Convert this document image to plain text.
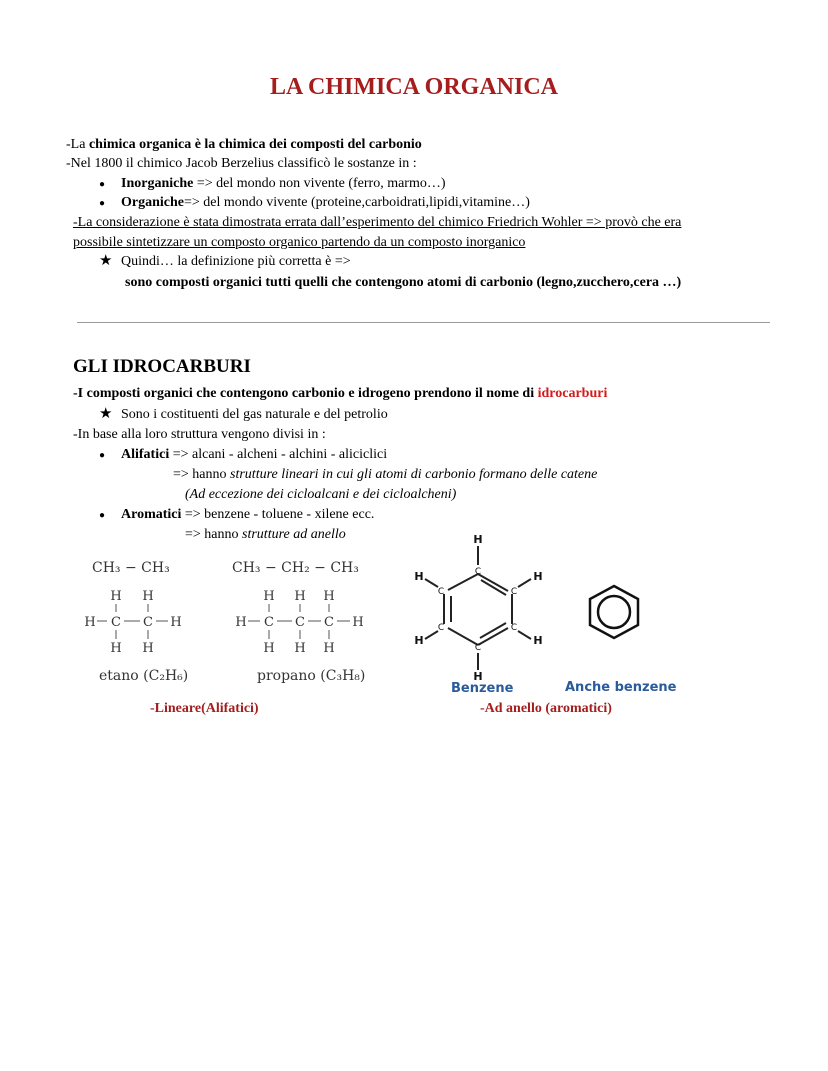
LA CHIMICA ORGANICA
-La chimica organica è la chimica dei composti del carbonio
-Nel 1800 il chimico Jacob Berzelius classificò le sostanze in :
● Inorganiche => del mondo non vivente (ferro, marmo…)
● Organiche=> del mondo vivente (proteine,carboidrati,lipidi,vitamine…)
-La considerazione è stata dimostrata errata dall’esperimento del chimico Friedrich Wohler => provò che era
possibile sintetizzare un composto organico partendo da un composto inorganico
★ Quindi… la definizione più corretta è =>
sono composti organici tutti quelli che contengono atomi di carbonio (legno,zucchero,cera …)
GLI IDROCARBURI
-I composti organici che contengono carbonio e idrogeno prendono il nome di idrocarburi
★ Sono i costituenti del gas naturale e del petrolio
-In base alla loro struttura vengono divisi in :
● Alifatici => alcani - alcheni - alchini - aliciclici
=> hanno strutture lineari in cui gli atomi di carbonio formano delle catene
(Ad eccezione dei cicloalcani e dei cicloalcheni)
● Aromatici => benzene - toluene - xilene ecc.
=> hanno strutture ad anello
CH₃ − CH₃	CH₃ − CH₂ − CH₃
H H
H C C H
H H
H H H
H C C C H
H H H
etano (C₂H₆)	propano (C₃H₈)
H
C	H
C
C
H
C
H
C
H
C
H
Benzene	Anche benzene
-Lineare(Alifatici)	-Ad anello (aromatici)
